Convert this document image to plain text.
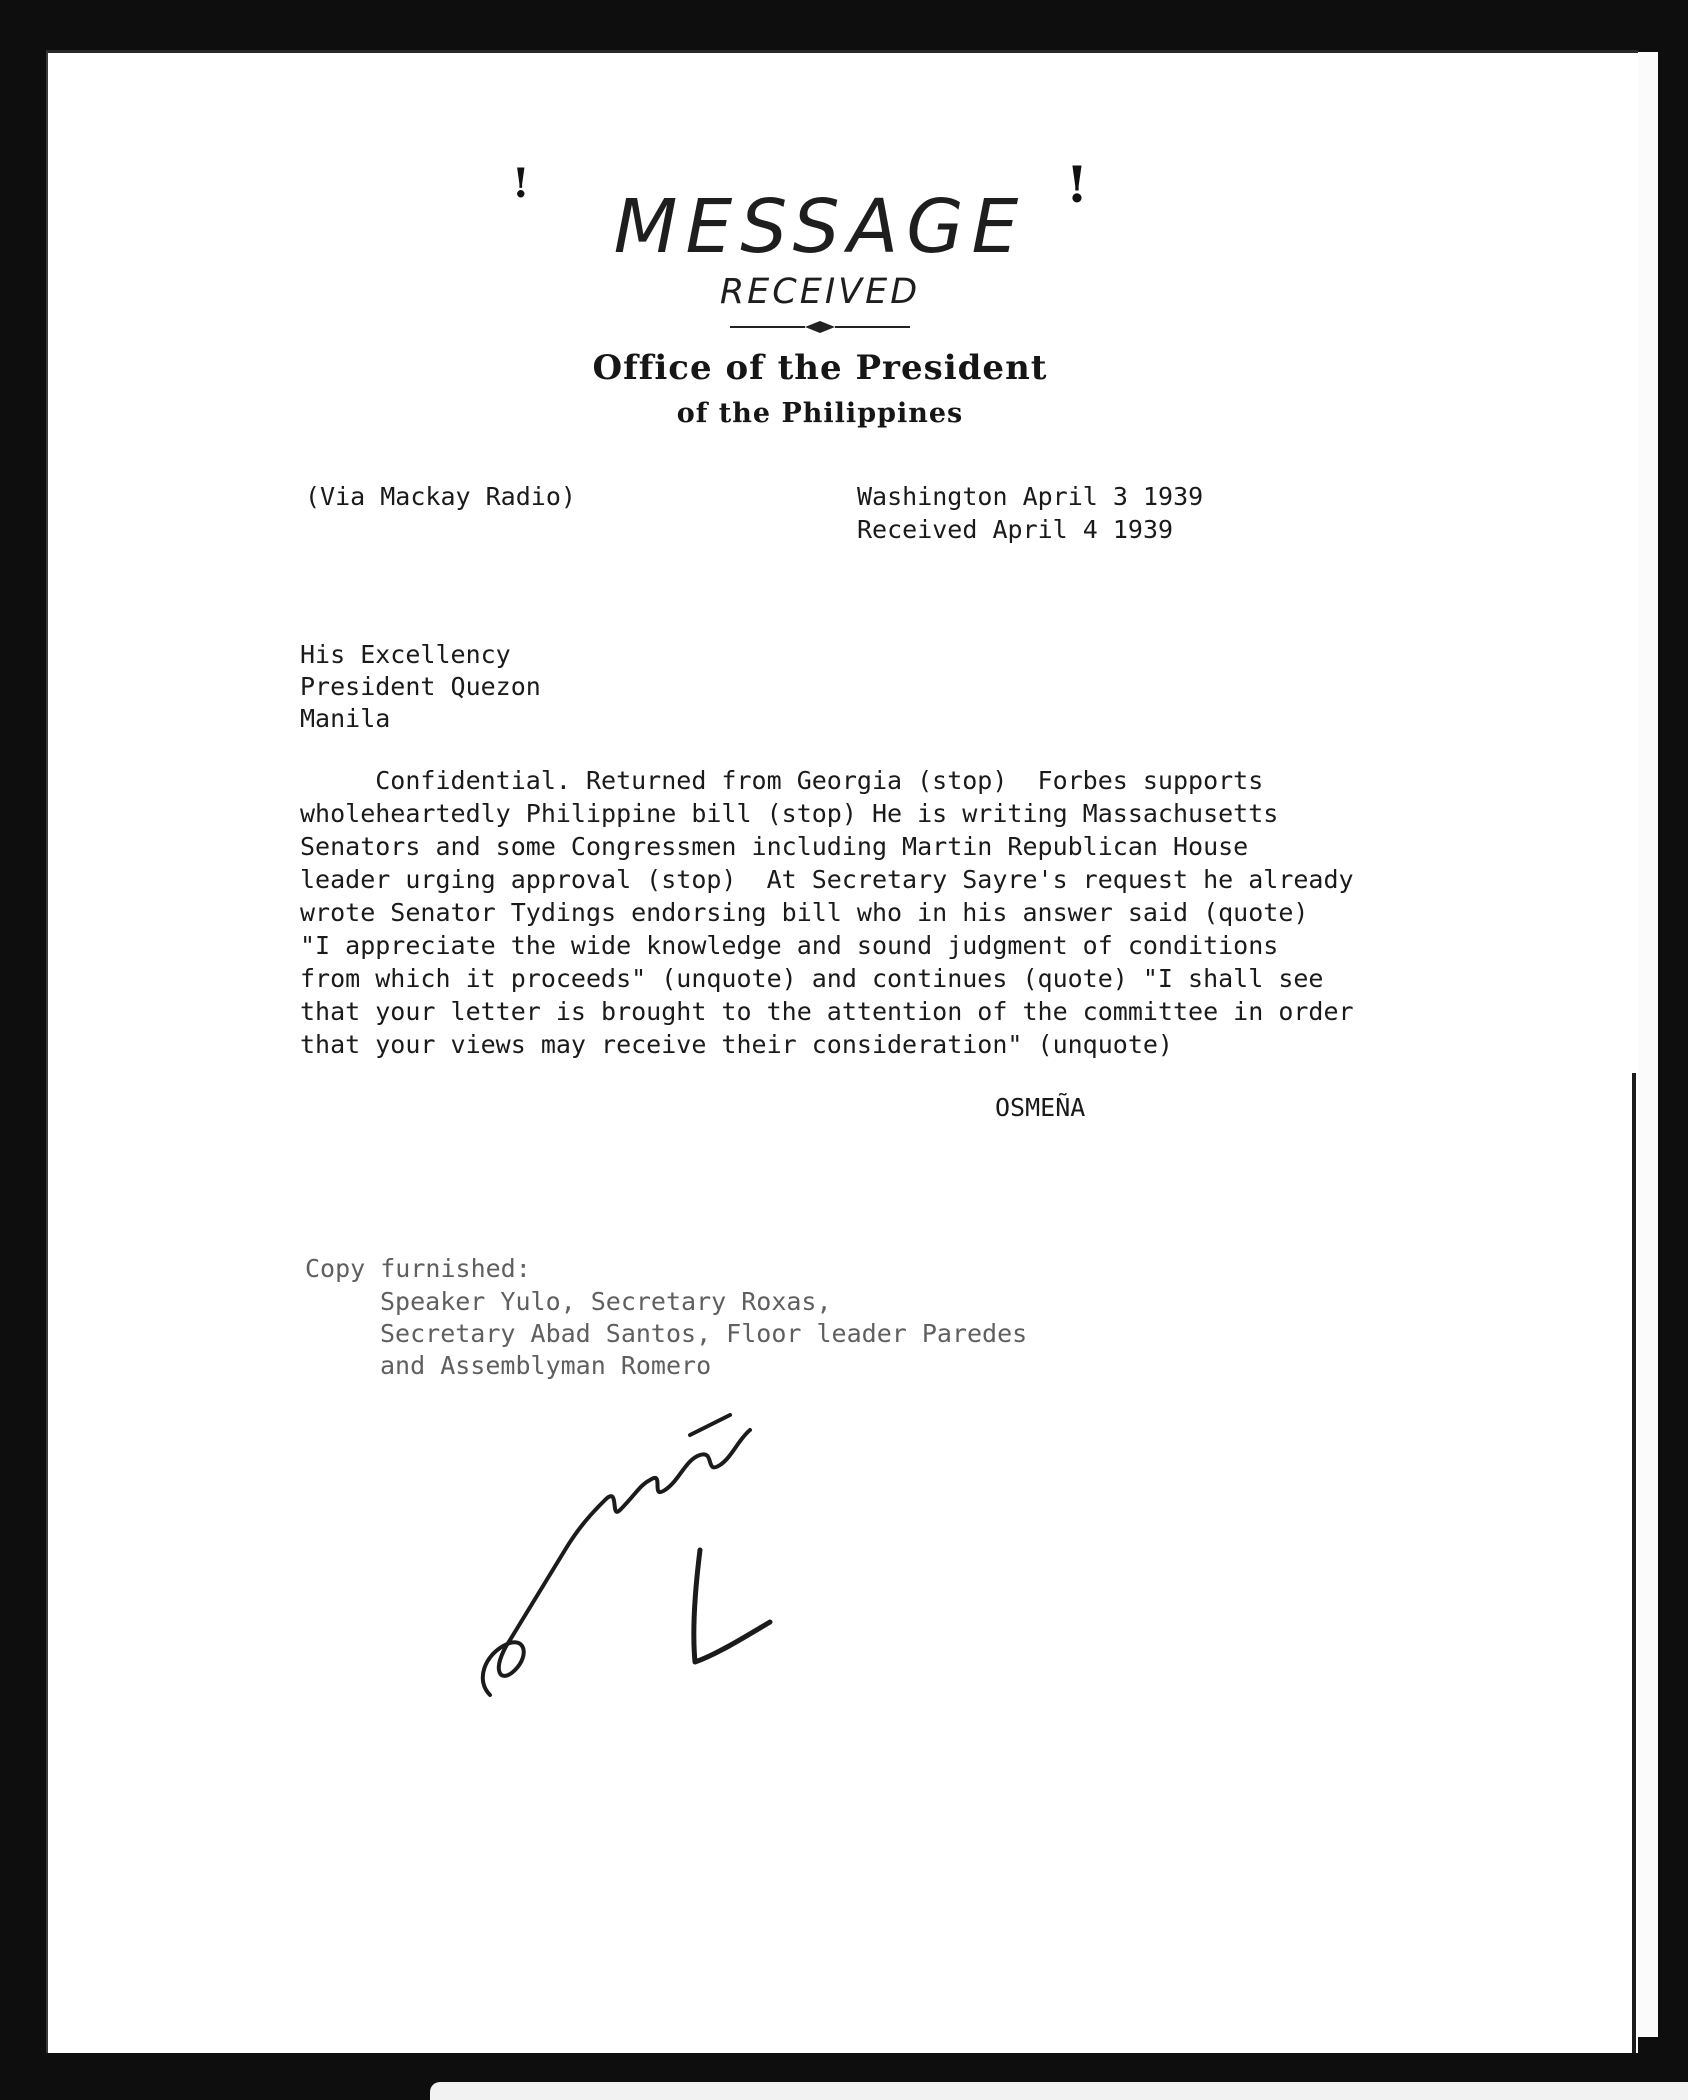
!	!
MESSAGE
RECEIVED
Office of the President
of the Philippines
(Via Mackay Radio)	Washington April 3 1939
Received April 4 1939
His Excellency
President Quezon
Manila
Confidential. Returned from Georgia (stop)  Forbes supports
wholeheartedly Philippine bill (stop) He is writing Massachusetts
Senators and some Congressmen including Martin Republican House
leader urging approval (stop)  At Secretary Sayre's request he already
wrote Senator Tydings endorsing bill who in his answer said (quote)
"I appreciate the wide knowledge and sound judgment of conditions
from which it proceeds" (unquote) and continues (quote) "I shall see
that your letter is brought to the attention of the committee in order
that your views may receive their consideration" (unquote)
OSMEÑA
Copy furnished:
Speaker Yulo, Secretary Roxas,
Secretary Abad Santos, Floor leader Paredes
and Assemblyman Romero
